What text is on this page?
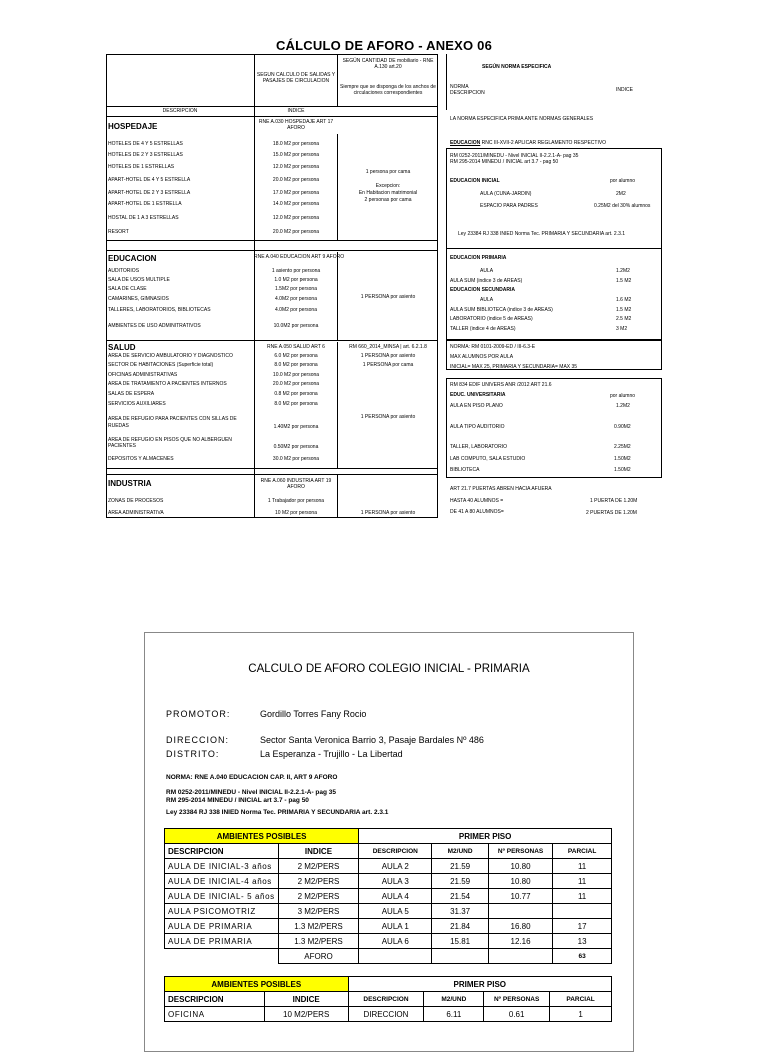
CÁLCULO DE AFORO - ANEXO 06
SEGUN CALCULO DE SALIDAS Y PASAJES DE CIRCULACION
SEGÚN CANTIDAD DE mobiliario - RNE A.130 art.20
Siempre que se disponga de los anchos de circulaciones correspondientes
DESCRIPCION	INDICE
SEGÚN NORMA ESPECIFICA
NORMA
DESCRIPCION	INDICE
LA NORMA ESPECIFICA PRIMA ANTE NORMAS GENERALES
HOSPEDAJE	RNE A.030 HOSPEDAJE ART 17 AFORO
HOTELES DE 4 Y 5 ESTRELLAS	18.0 M2 por persona
HOTELES DE 2 Y 3 ESTRELLAS	15.0 M2 por persona
HOTELES DE 1 ESTRELLAS	12.0 M2 por persona
APART-HOTEL DE 4 Y 5 ESTRELLA	20.0 M2 por persona
APART-HOTEL DE 2 Y 3 ESTRELLA	17.0 M2 por persona
APART-HOTEL DE 1 ESTRELLA	14.0 M2 por persona
HOSTAL DE 1 A 3 ESTRELLAS	12.0 M2 por persona
RESORT	20.0 M2 por persona
1 persona por cama
Excepcion:
En Habitacion matrimonial
2 personas por cama
EDUCACION	RNE A.040 EDUCACION ART 9 AFORO
AUDITORIOS	1 asiento por persona
SALA DE USOS MULTIPLE	1.0 M2 por persona
SALA DE CLASE	1.5M2 por persona
CAMARINES, GIMNASIOS	4.0M2 por persona
TALLERES, LABORATORIOS, BIBLIOTECAS	4.0M2 por persona
AMBIENTES DE USO ADMINITRATIVOS	10.0M2 por persona
1 PERSONA por asiento
SALUD	RNE A.050 SALUD ART 6	RM 660_2014_MINSA | art. 6.2.1.8
AREA DE SERVICIO AMBULATORIO Y DIAGNOSTICO	6.0 M2 por persona	1 PERSONA por asiento
SECTOR DE HABITACIONES (Superficie total)	8.0 M2 por persona	1 PERSONA por cama
OFICINAS ADMINISTRATIVAS	10.0 M2 por persona
AREA DE TRATAMIENTO A PACIENTES INTERNOS	20.0 M2 por persona
SALAS DE ESPERA	0.8 M2 por persona
SERVICIOS AUXILIARES	8.0 M2 por persona
AREA DE REFUGIO PARA PACIENTES CON SILLAS DE
RUEDAS	1.40M2 por persona
1 PERSONA por asiento
AREA DE REFUGIO EN PISOS QUE NO ALBERGUEN
PACIENTES	0.50M2 por persona
DEPOSITOS Y ALMACENES	30.0 M2 por persona
INDUSTRIA	RNE A.060 INDUSTRIA ART 19 AFORO
ZONAS DE PROCESOS	1 Trabajador por persona
AREA ADMINISTRATIVA	10 M2 por persona	1 PERSONA por asiento
EDUCACION RNC III-XVII-2 APLICAR REGLAMENTO RESPECTIVO
RM 0252-2011/MINEDU - Nivel INICIAL II-2.2.1-A- pag 35
RM 295-2014 MINEDU / INICIAL art 3.7 - pag 50
EDUCACION INICIAL	por alumno
AULA (CUNA-JARDIN)	2M2
ESPACIO PARA PADRES	0.25M2 del 30% alumnos
Ley 23384 RJ 338 INIED Norma Tec. PRIMARIA Y SECUNDARIA art. 2.3.1
EDUCACION PRIMARIA
AULA	1.2M2
AULA SUM (indice 3 de AREAS)	1.5 M2
EDUCACION SECUNDARIA
AULA	1.6 M2
AULA SUM BIBLIOTECA (indice 3 de AREAS)	1.5 M2
LABORATORIO (indice 5 de AREAS)	2.5 M2
TALLER (indice 4 de AREAS)	3 M2
NORMA: RM 0101-2009-ED / III-6.3-E
MAX ALUMNOS POR AULA
INICIAL= MAX 25, PRIMARIA Y SECUNDARIA= MAX 35
RM 834 EDIF UNIVERS ANR /2012 ART 21.6
EDUC. UNIVERSITARIA	por alumno
AULA EN PISO PLANO	1.2M2
AULA TIPO AUDITORIO	0.90M2
TALLER, LABORATORIO	2.25M2
LAB COMPUTO, SALA ESTUDIO	1.50M2
BIBLIOTECA	1.50M2
ART 21.7 PUERTAS ABREN HACIA AFUERA
HASTA 40 ALUMNOS =	1 PUERTA DE 1.20M
DE 41 A 80 ALUMNOS=	2 PUERTAS DE 1.20M
CALCULO DE AFORO COLEGIO INICIAL - PRIMARIA
PROMOTOR:	Gordillo Torres Fany Rocio
DIRECCION:	Sector Santa Veronica Barrio 3, Pasaje Bardales Nº 486
DISTRITO:	La Esperanza - Trujillo - La Libertad
NORMA: RNE A.040 EDUCACION CAP. II, ART 9 AFORO
RM 0252-2011/MINEDU - Nivel INICIAL II-2.2.1-A- pag 35
RM 295-2014 MINEDU / INICIAL art 3.7 - pag 50
Ley 23384 RJ 338 INIED Norma Tec. PRIMARIA Y SECUNDARIA art. 2.3.1
AMBIENTES POSIBLES		PRIMER PISO			
DESCRIPCION	INDICE	DESCRIPCION	M2/UND	Nº PERSONAS	PARCIAL
AULA DE INICIAL-3 años	2 M2/PERS	AULA 2	21.59	10.80	11
AULA DE INICIAL-4 años	2 M2/PERS	AULA 3	21.59	10.80	11
AULA DE INICIAL- 5 años	2 M2/PERS	AULA 4	21.54	10.77	11
AULA PSICOMOTRIZ	3 M2/PERS	AULA 5	31.37		
AULA DE PRIMARIA	1.3 M2/PERS	AULA 1	21.84	16.80	17
AULA DE PRIMARIA	1.3 M2/PERS	AULA 6	15.81	12.16	13
	AFORO				63
AMBIENTES POSIBLES		PRIMER PISO			
DESCRIPCION	INDICE	DESCRIPCION	M2/UND	Nº PERSONAS	PARCIAL
OFICINA	10 M2/PERS	DIRECCION	6.11	0.61	1
